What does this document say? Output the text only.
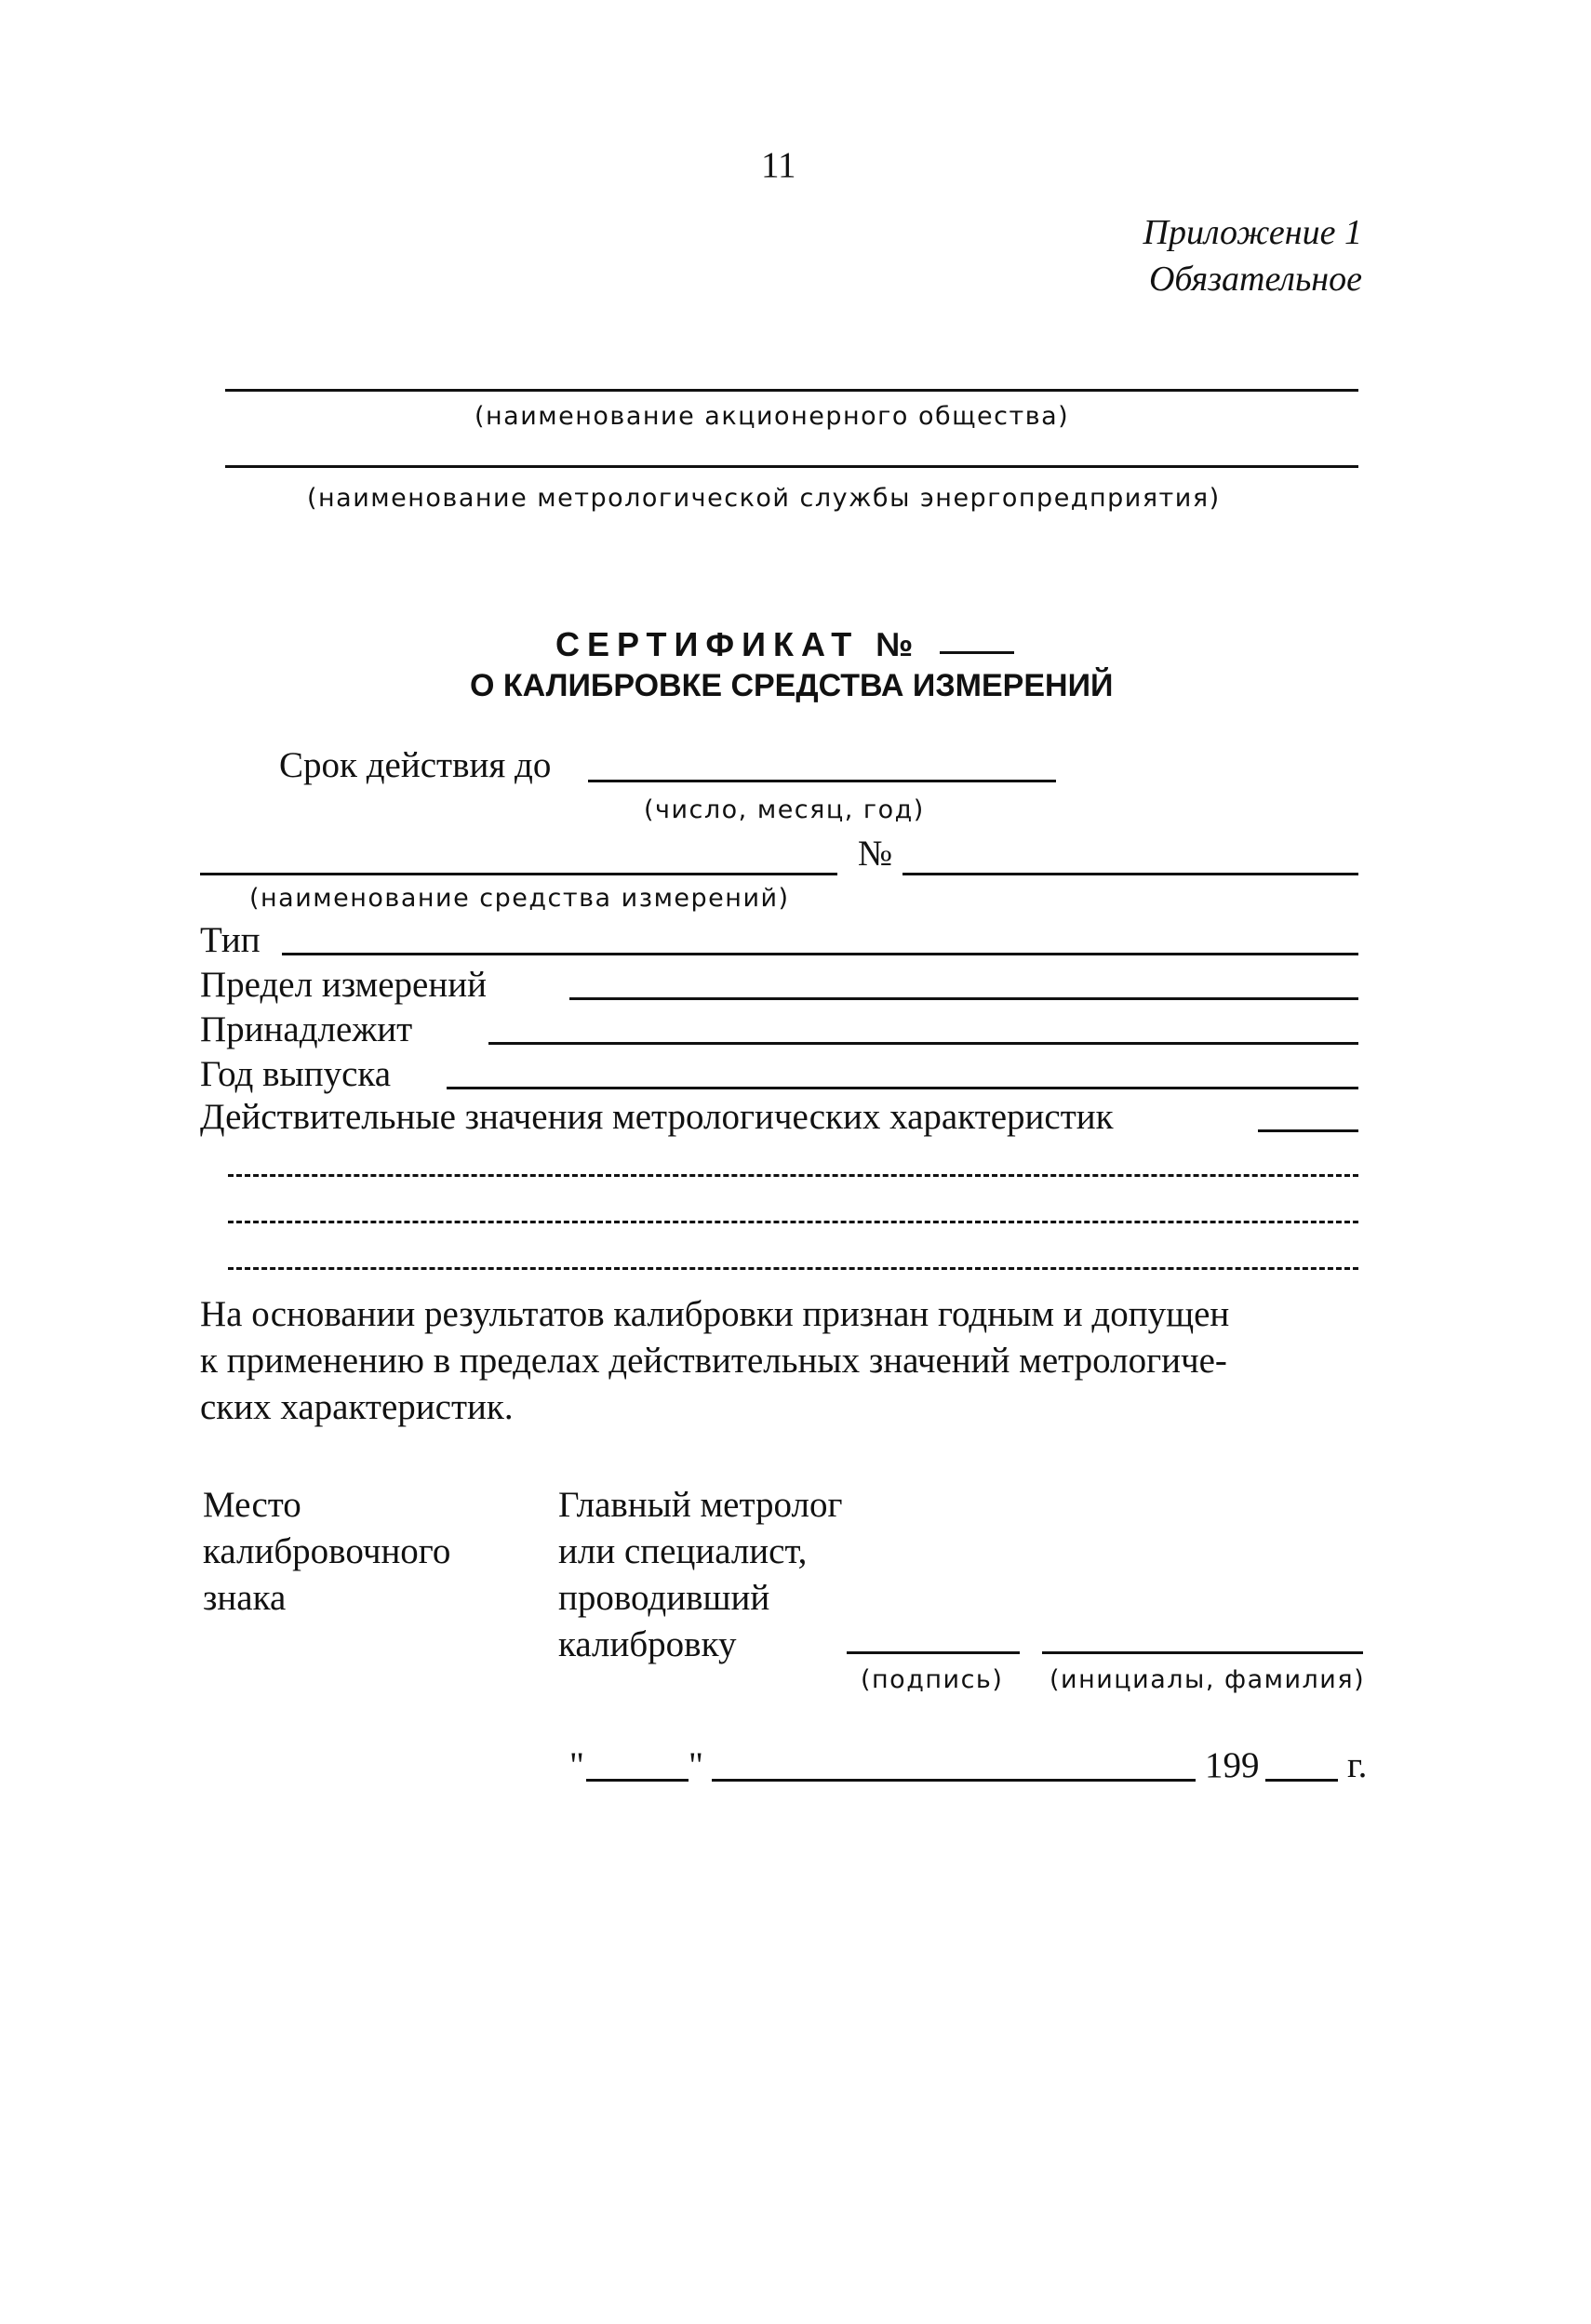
11
Приложение 1
Обязательное
(наименование акционерного общества)
(наименование метрологической службы энергопредприятия)
СЕРТИФИКАТ №
О КАЛИБРОВКЕ СРЕДСТВА ИЗМЕРЕНИЙ
Срок действия до
(число, месяц, год)
№
(наименование средства измерений)
Тип
Предел измерений
Принадлежит
Год выпуска
Действительные значения метрологических характеристик
На основании результатов калибровки признан годным и допущен
к применению в пределах действительных значений метрологиче-
ских характеристик.
Место
калибровочного
знака
Главный метролог
или специалист,
проводивший
калибровку
(подпись) (инициалы, фамилия)
"	"	199 г.
